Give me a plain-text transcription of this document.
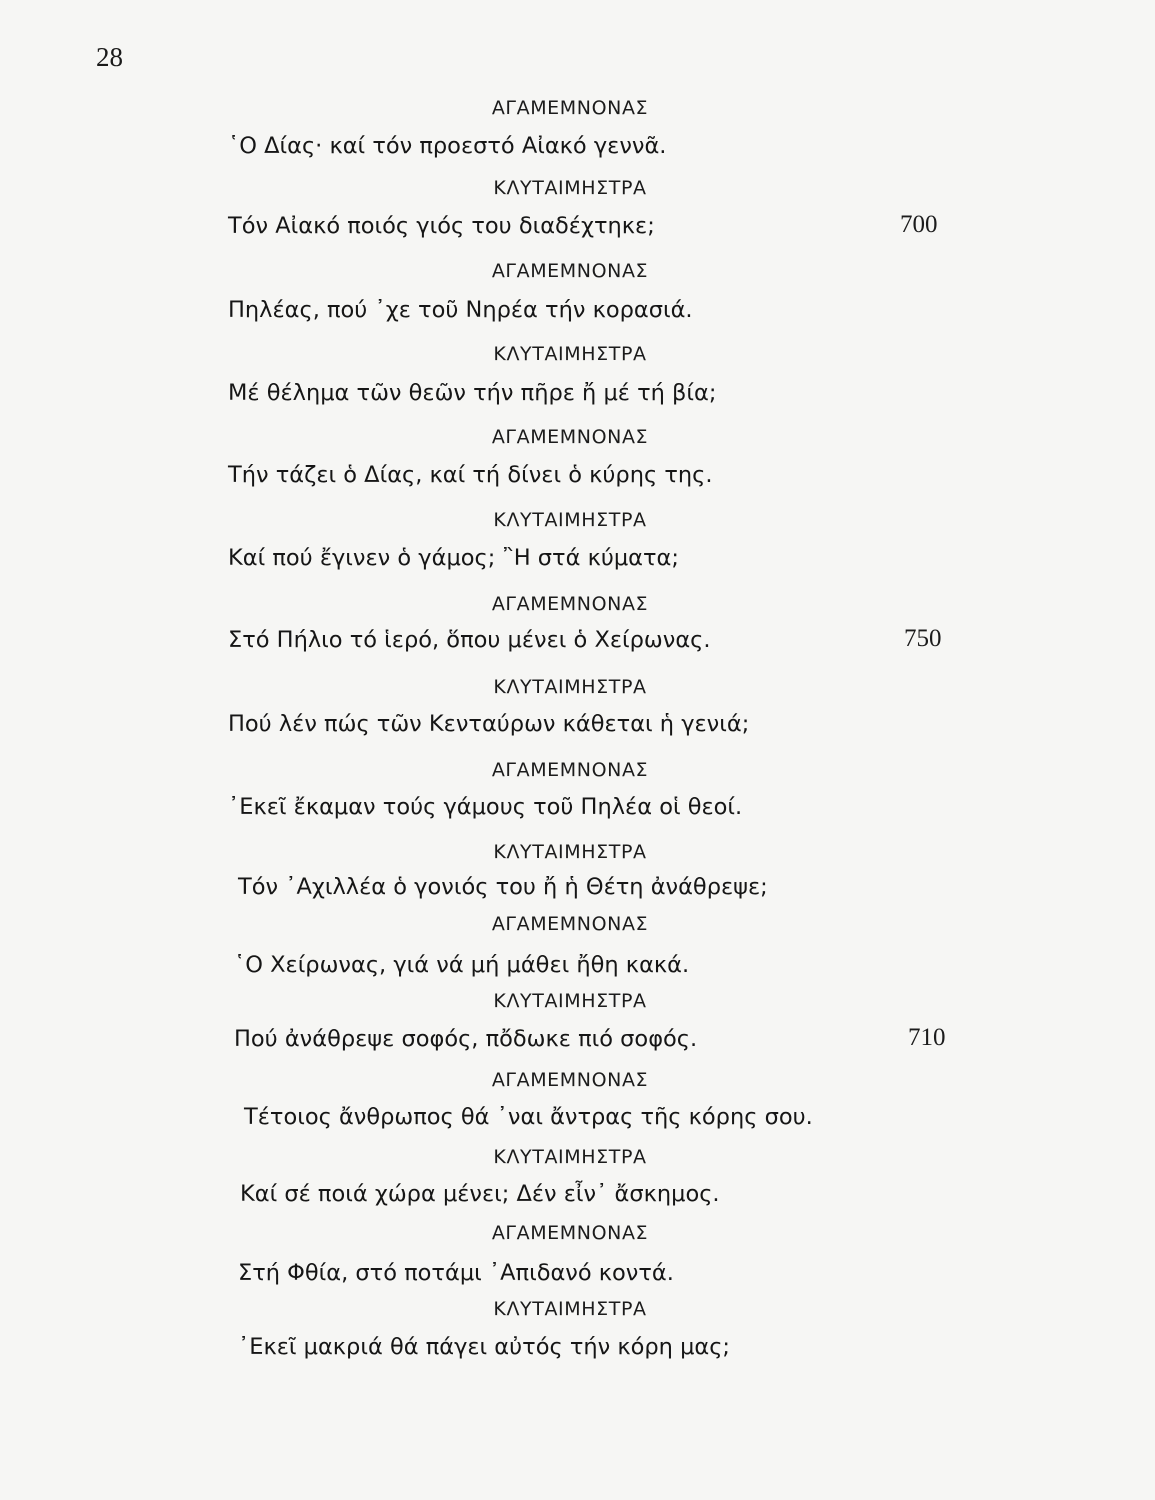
28
ΑΓΑΜΕΜΝΟΝΑΣ
῾Ο Δίας· καί τόν προεστό Αἰακό γεννᾶ.
ΚΛΥΤΑΙΜΗΣΤΡΑ
Τόν Αἰακό ποιός γιός του διαδέχτηκε;	700
ΑΓΑΜΕΜΝΟΝΑΣ
Πηλέας, πού ᾿χε τοῦ Νηρέα τήν κορασιά.
ΚΛΥΤΑΙΜΗΣΤΡΑ
Μέ θέλημα τῶν θεῶν τήν πῆρε ἤ μέ τή βία;
ΑΓΑΜΕΜΝΟΝΑΣ
Τήν τάζει ὁ Δίας, καί τή δίνει ὁ κύρης της.
ΚΛΥΤΑΙΜΗΣΤΡΑ
Καί πού ἔγινεν ὁ γάμος; ῍Η στά κύματα;
ΑΓΑΜΕΜΝΟΝΑΣ
Στό Πήλιο τό ἱερό, ὅπου μένει ὁ Χείρωνας.	750
ΚΛΥΤΑΙΜΗΣΤΡΑ
Πού λέν πώς τῶν Κενταύρων κάθεται ἡ γενιά;
ΑΓΑΜΕΜΝΟΝΑΣ
᾿Εκεῖ ἔκαμαν τούς γάμους τοῦ Πηλέα οἱ θεοί.
ΚΛΥΤΑΙΜΗΣΤΡΑ
Τόν ᾿Αχιλλέα ὁ γονιός του ἤ ἡ Θέτη ἀνάθρεψε;
ΑΓΑΜΕΜΝΟΝΑΣ
῾Ο Χείρωνας, γιά νά μή μάθει ἤθη κακά.
ΚΛΥΤΑΙΜΗΣΤΡΑ
Πού ἀνάθρεψε σοφός, πὄδωκε πιό σοφός.	710
ΑΓΑΜΕΜΝΟΝΑΣ
Τέτοιος ἄνθρωπος θά ᾿ναι ἄντρας τῆς κόρης σου.
ΚΛΥΤΑΙΜΗΣΤΡΑ
Καί σέ ποιά χώρα μένει; Δέν εἶν᾿ ἄσκημος.
ΑΓΑΜΕΜΝΟΝΑΣ
Στή Φθία, στό ποτάμι ᾿Απιδανό κοντά.
ΚΛΥΤΑΙΜΗΣΤΡΑ
᾿Εκεῖ μακριά θά πάγει αὐτός τήν κόρη μας;
